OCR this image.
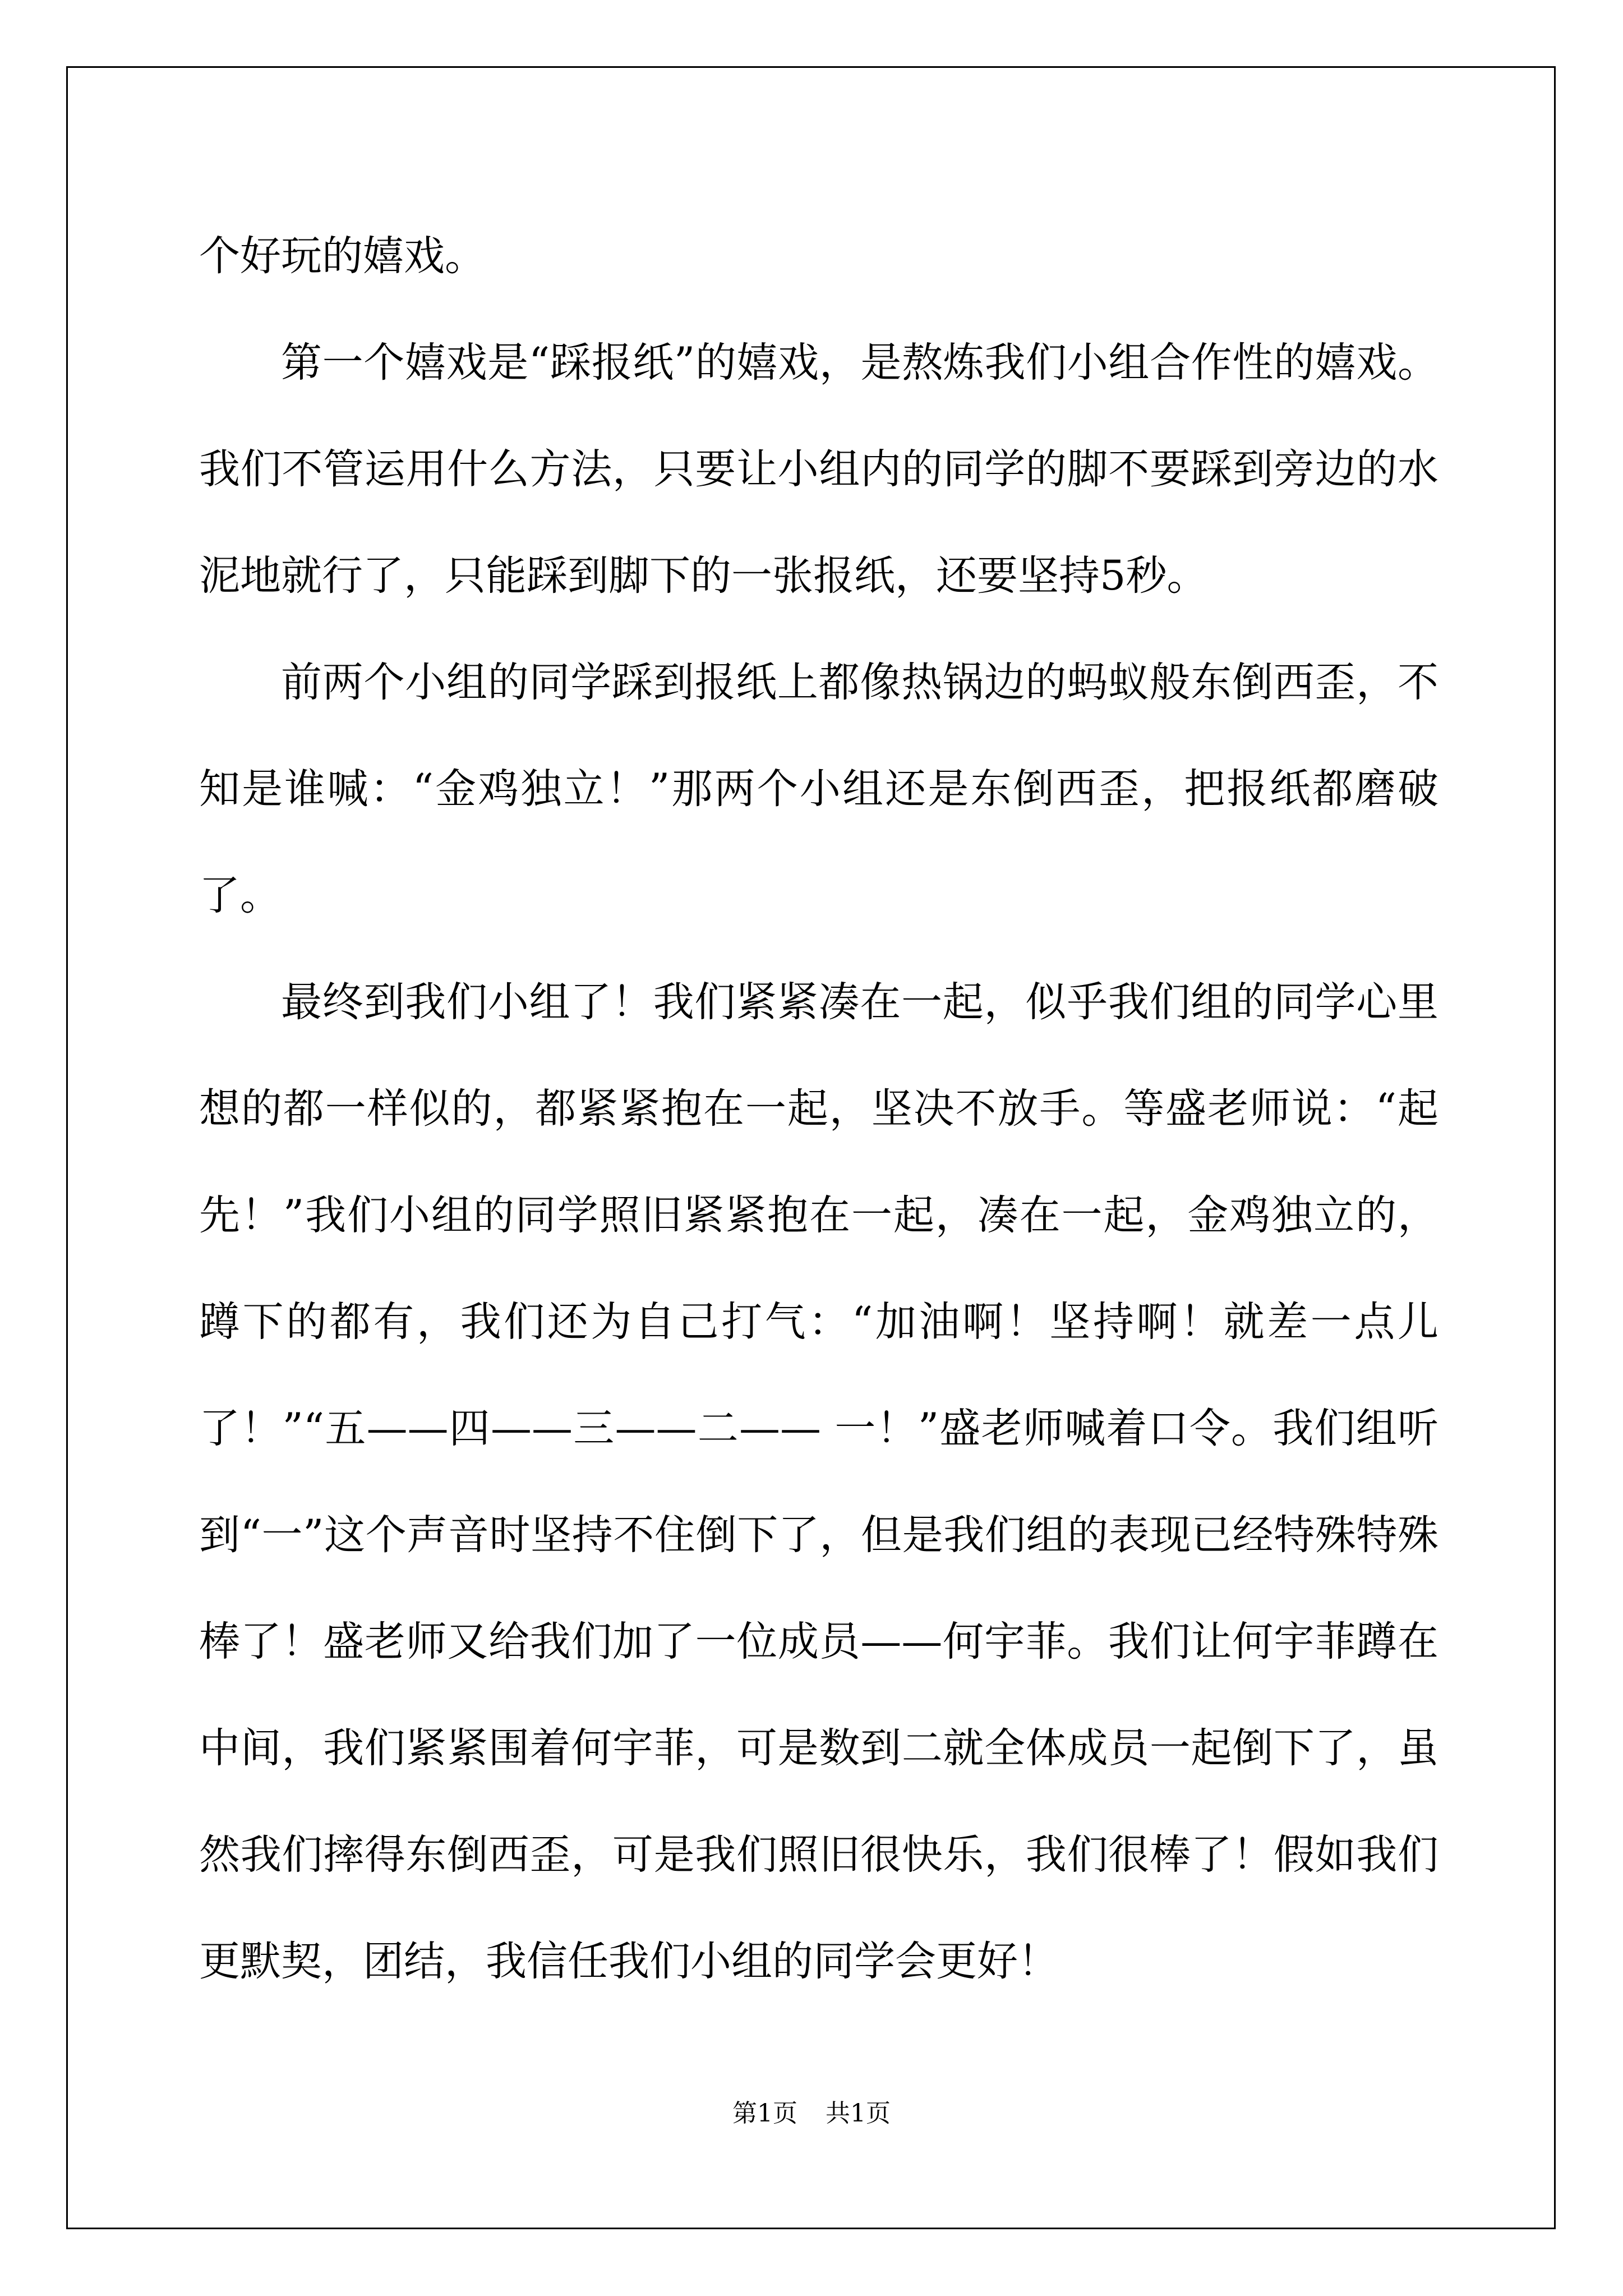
个好玩的嬉戏。

第一个嬉戏是“踩报纸”的嬉戏，是熬炼我们小组合作性的嬉戏。我们不管运用什么方法，只要让小组内的同学的脚不要踩到旁边的水泥地就行了，只能踩到脚下的一张报纸，还要坚持5秒。

前两个小组的同学踩到报纸上都像热锅边的蚂蚁般东倒西歪，不知是谁喊：“金鸡独立！”那两个小组还是东倒西歪，把报纸都磨破了。

最终到我们小组了！我们紧紧凑在一起，似乎我们组的同学心里想的都一样似的，都紧紧抱在一起，坚决不放手。等盛老师说：“起先！”我们小组的同学照旧紧紧抱在一起，凑在一起，金鸡独立的，蹲下的都有，我们还为自己打气：“加油啊！坚持啊！就差一点儿了！”“五——四——三——二—— 一！”盛老师喊着口令。我们组听到“一”这个声音时坚持不住倒下了，但是我们组的表现已经特殊特殊棒了！盛老师又给我们加了一位成员——何宇菲。我们让何宇菲蹲在中间，我们紧紧围着何宇菲，可是数到二就全体成员一起倒下了，虽然我们摔得东倒西歪，可是我们照旧很快乐，我们很棒了！假如我们更默契，团结，我信任我们小组的同学会更好！

第1页 共1页
